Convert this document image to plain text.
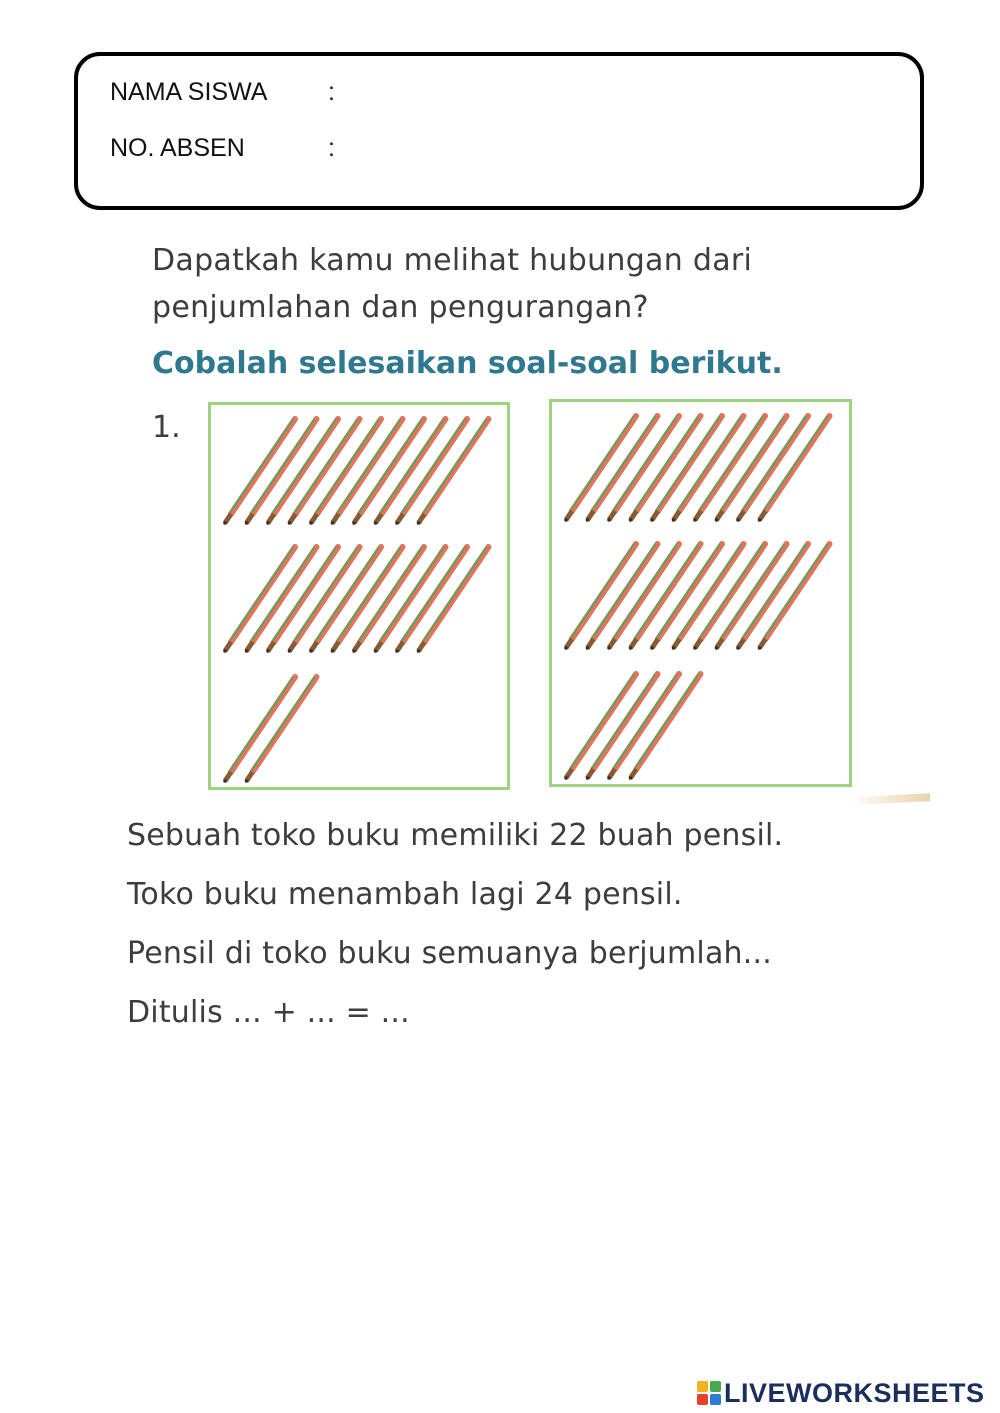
NAMA SISWA :
NO. ABSEN	:
Dapatkah kamu melihat hubungan dari
penjumlahan dan pengurangan?
Cobalah selesaikan soal-soal berikut.
1.
Sebuah toko buku memiliki 22 buah pensil.
Toko buku menambah lagi 24 pensil.
Pensil di toko buku semuanya berjumlah...
Ditulis ... + ... = ...
LIVEWORKSHEETS
